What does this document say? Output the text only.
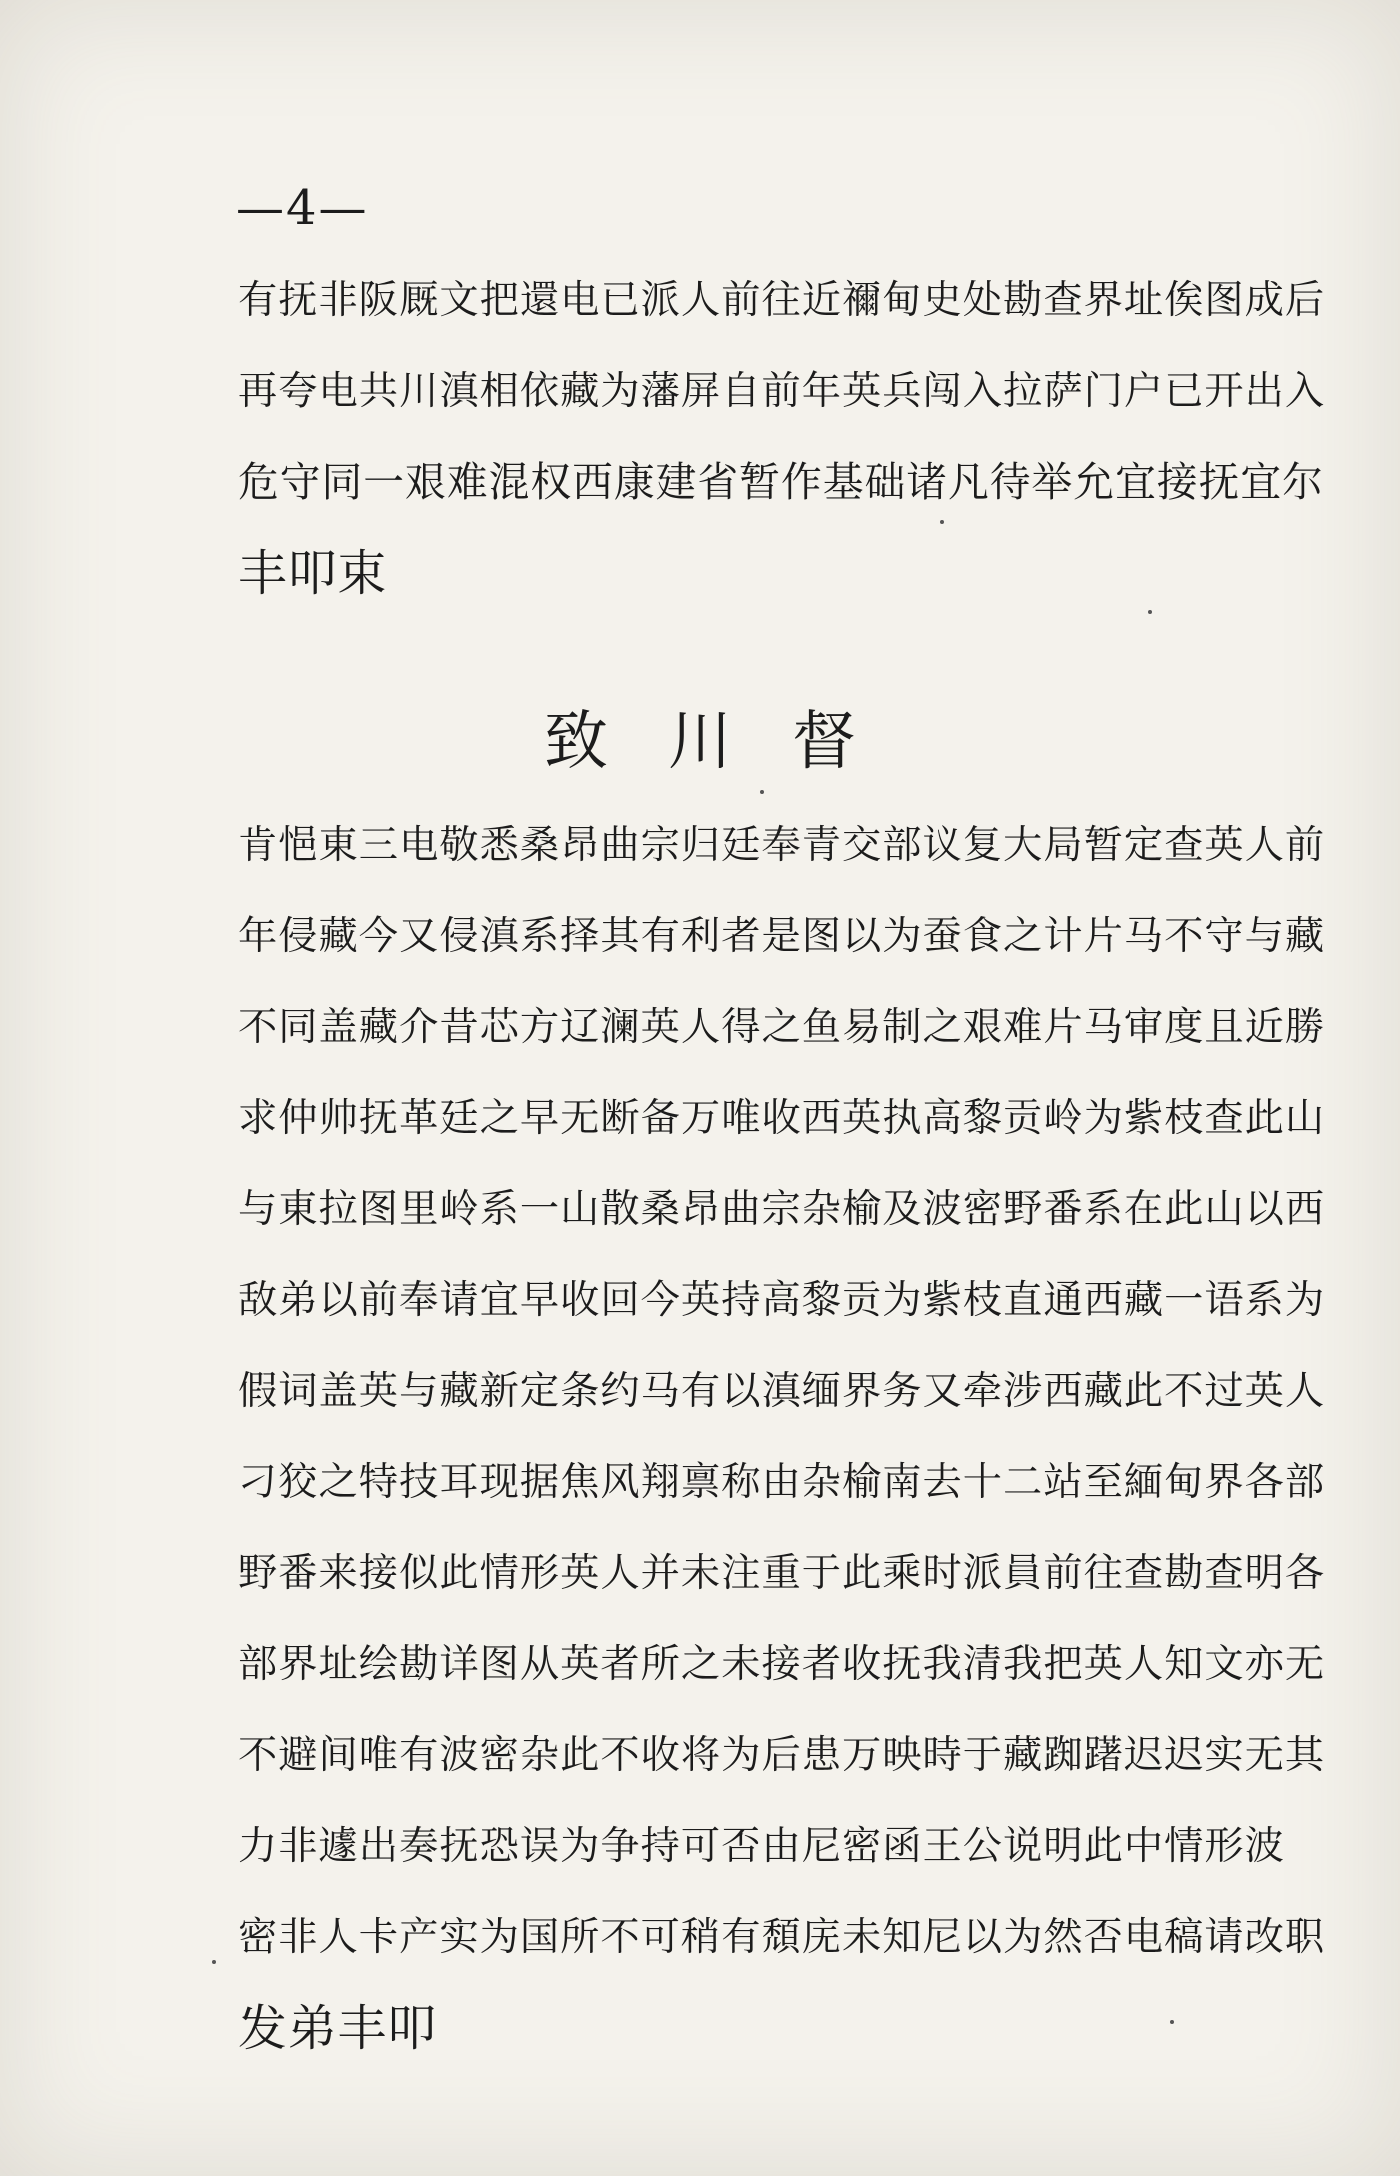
—4—
有抚非阪厩文把還电已派人前往近禰甸史处勘查界址俟图成后
再夸电共川滇相依藏为藩屏自前年英兵闯入拉萨门户已开出入
危守同一艰难混权西康建省暂作基础诸凡待举允宜接抚宜尔
丰叩束
致川督
肯悒東三电敬悉桑昂曲宗归廷奉青交部议复大局暂定查英人前
年侵藏今又侵滇系择其有利者是图以为蚕食之计片马不守与藏
不同盖藏介昔芯方辽澜英人得之鱼易制之艰难片马审度且近勝
求仲帅抚革廷之早无断备万唯收西英执高黎贡岭为紫枝查此山
与東拉图里岭系一山散桑昂曲宗杂榆及波密野番系在此山以西
敌弟以前奉请宜早收回今英持高黎贡为紫枝直通西藏一语系为
假词盖英与藏新定条约马有以滇缅界务又牵涉西藏此不过英人
刁狡之特技耳现据焦风翔禀称由杂榆南去十二站至緬甸界各部
野番来接似此情形英人并未注重于此乘时派員前往查勘查明各
部界址绘勘详图从英者所之未接者收抚我清我把英人知文亦无
不避间唯有波密杂此不收将为后患万映時于藏踟躇迟迟实无其
力非遽出奏抚恐误为争持可否由尼密函王公说明此中情形波
密非人卡产实为国所不可稍有頹庑未知尼以为然否电稿请改职
发弟丰叩
